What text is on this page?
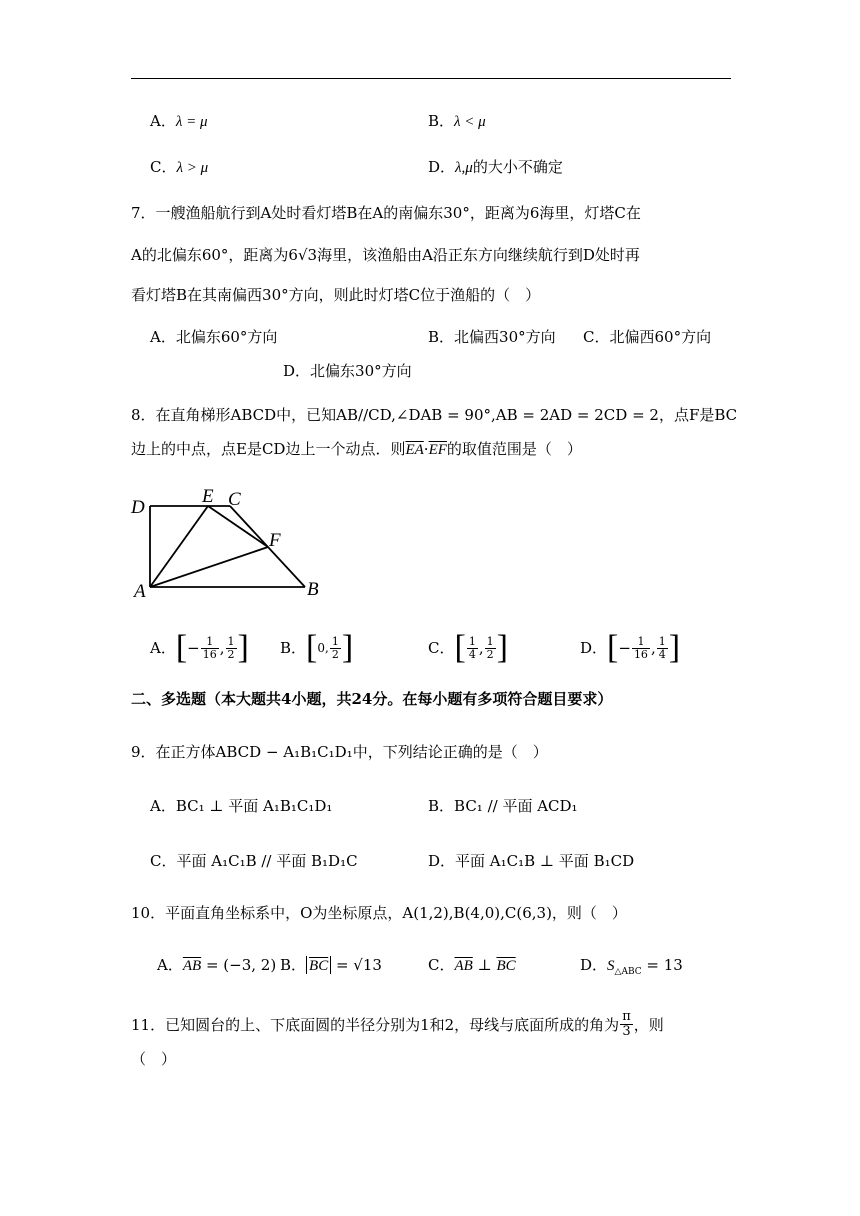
A．λ = μ	B．λ < μ
C．λ > μ	D．λ,μ的大小不确定
7．一艘渔船航行到A处时看灯塔B在A的南偏东30°，距离为6海里，灯塔C在
A的北偏东60°，距离为6√3海里，该渔船由A沿正东方向继续航行到D处时再
看灯塔B在其南偏西30°方向，则此时灯塔C位于渔船的（　）
A．北偏东60°方向	B．北偏西30°方向 C．北偏西60°方向
D．北偏东30°方向
8．在直角梯形ABCD中，已知AB//CD,∠DAB = 90°,AB = 2AD = 2CD = 2，点F是BC
边上的中点，点E是CD边上一个动点．则$\overline{EA}\cdot\overline{EF}$的取值范围是（　）
D
E C
F
A	B
A． [ − $\frac{1}{16}$ , $\frac{1}{2}$ ] B． [ 0, $\frac{1}{2}$ ]	C． [ $\frac{1}{4}$ , $\frac{1}{2}$ ]	D． [ − $\frac{1}{16}$ , $\frac{1}{4}$ ]
二、多选题（本大题共4小题，共24分。在每小题有多项符合题目要求）
9．在正方体ABCD − A₁B₁C₁D₁中，下列结论正确的是（　）
A．BC₁ ⊥ 平面 A₁B₁C₁D₁	B．BC₁ // 平面 ACD₁
C．平面 A₁C₁B // 平面 B₁D₁C	D．平面 A₁C₁B ⊥ 平面 B₁CD
10．平面直角坐标系中，O为坐标原点，A(1,2),B(4,0),C(6,3)，则（　）
A．$\overline{AB} = (-3$, 2) B． $\overline{BC} = √13$	C．$\overline{AB}$ ⊥ $\overline{BC}$	D．$S_{\triangle ABC} = 13$
11．已知圆台的上、下底面圆的半径分别为1和2，母线与底面所成的角为 $\frac{\pi}{3}$ ，则
（　）
